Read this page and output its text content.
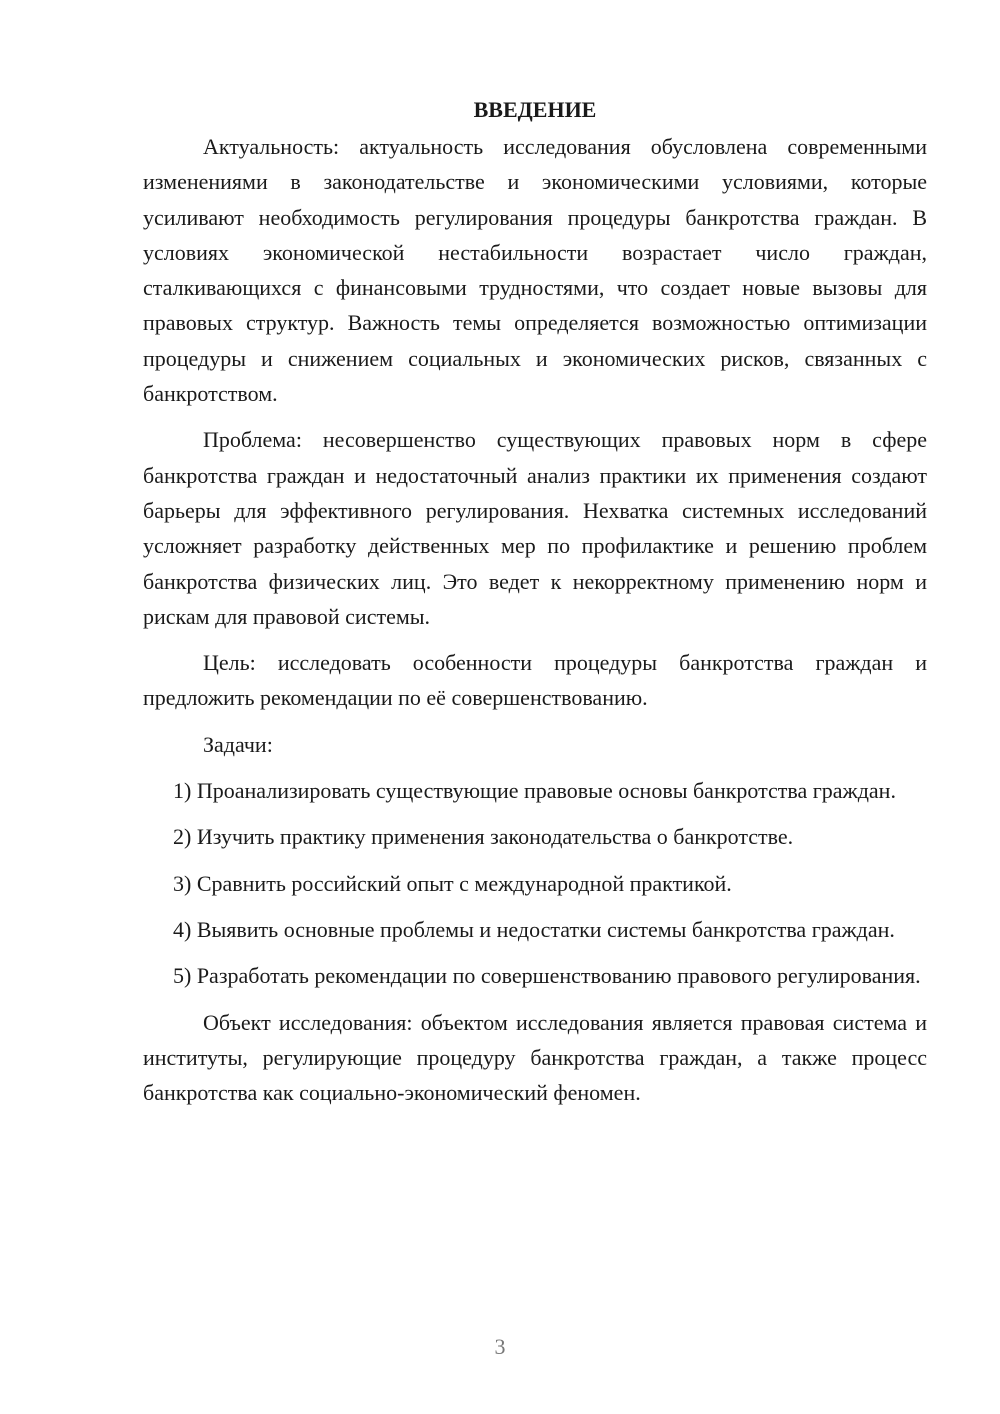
ВВЕДЕНИЕ

Актуальность: актуальность исследования обусловлена современными изменениями в законодательстве и экономическими условиями, которые усиливают необходимость регулирования процедуры банкротства граждан. В условиях экономической нестабильности возрастает число граждан, сталкивающихся с финансовыми трудностями, что создает новые вызовы для правовых структур. Важность темы определяется возможностью оптимизации процедуры и снижением социальных и экономических рисков, связанных с банкротством.

Проблема: несовершенство существующих правовых норм в сфере банкротства граждан и недостаточный анализ практики их применения создают барьеры для эффективного регулирования. Нехватка системных исследований усложняет разработку действенных мер по профилактике и решению проблем банкротства физических лиц. Это ведет к некорректному применению норм и рискам для правовой системы.

Цель: исследовать особенности процедуры банкротства граждан и предложить рекомендации по её совершенствованию.

Задачи:

1) Проанализировать существующие правовые основы банкротства граждан.

2) Изучить практику применения законодательства о банкротстве.

3) Сравнить российский опыт с международной практикой.

4) Выявить основные проблемы и недостатки системы банкротства граждан.

5) Разработать рекомендации по совершенствованию правового регулирования.

Объект исследования: объектом исследования является правовая система и институты, регулирующие процедуру банкротства граждан, а также процесс банкротства как социально-экономический феномен.

3
